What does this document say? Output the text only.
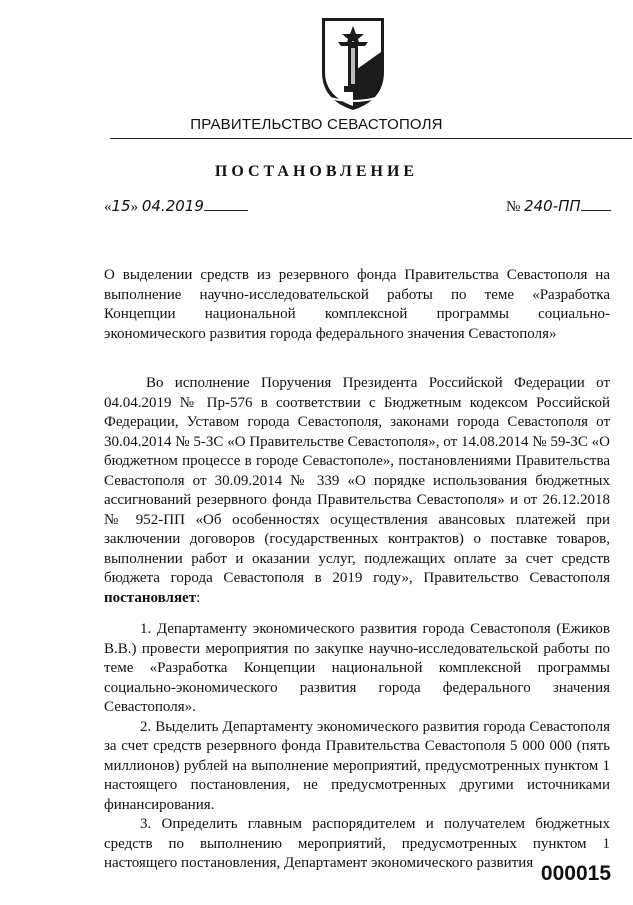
ПРАВИТЕЛЬСТВО СЕВАСТОПОЛЯ
ПОСТАНОВЛЕНИЕ
«15» 04.2019	№ 240-ПП
О выделении средств из резервного фонда Правительства Севастополя на выполнение научно-исследовательской работы по теме «Разработка Концепции национальной комплексной программы социально-экономического развития города федерального значения Севастополя»

Во исполнение Поручения Президента Российской Федерации от 04.04.2019 № Пр-576 в соответствии с Бюджетным кодексом Российской Федерации, Уставом города Севастополя, законами города Севастополя от 30.04.2014 № 5-ЗС «О Правительстве Севастополя», от 14.08.2014 № 59-ЗС «О бюджетном процессе в городе Севастополе», постановлениями Правительства Севастополя от 30.09.2014 № 339 «О порядке использования бюджетных ассигнований резервного фонда Правительства Севастополя» и от 26.12.2018 № 952-ПП «Об особенностях осуществления авансовых платежей при заключении договоров (государственных контрактов) о поставке товаров, выполнении работ и оказании услуг, подлежащих оплате за счет средств бюджета города Севастополя в 2019 году», Правительство Севастополя постановляет:

1. Департаменту экономического развития города Севастополя (Ежиков В.В.) провести мероприятия по закупке научно-исследовательской работы по теме «Разработка Концепции национальной комплексной программы социально-экономического развития города федерального значения Севастополя».

2. Выделить Департаменту экономического развития города Севастополя за счет средств резервного фонда Правительства Севастополя 5 000 000 (пять миллионов) рублей на выполнение мероприятий, предусмотренных пунктом 1 настоящего постановления, не предусмотренных другими источниками финансирования.

3. Определить главным распорядителем и получателем бюджетных средств по выполнению мероприятий, предусмотренных пунктом 1 настоящего постановления, Департамент экономического развития 000015
